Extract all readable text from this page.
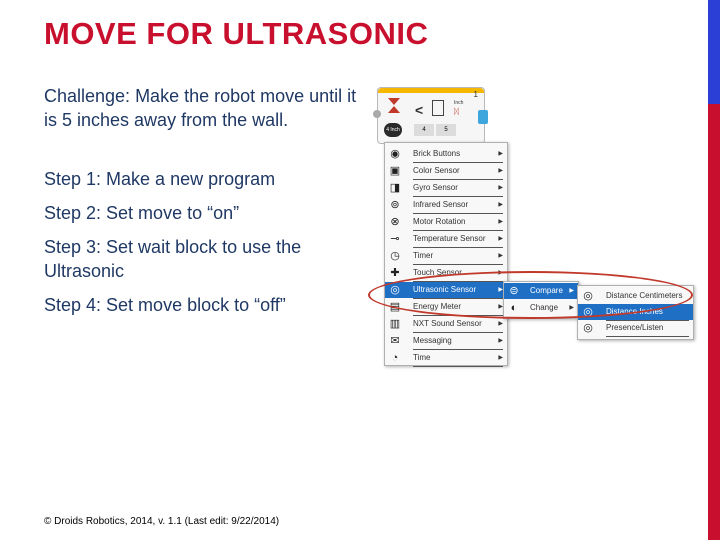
MOVE FOR ULTRASONIC
Challenge: Make the robot move until it is 5 inches away from the wall.
Step 1: Make a new program
Step 2: Set move to “on”
Step 3: Set wait block to use the Ultrasonic
Step 4: Set move block to “off”
© Droids Robotics, 2014, v. 1.1 (Last edit: 9/22/2014)
1
<	Inch
ᛞ
4 Inch	4	5
◉ Brick Buttons	▶
▣ Color Sensor	▶
◨ Gyro Sensor	▶
⊚ Infrared Sensor	▶
⊗ Motor Rotation	▶
⊸ Temperature Sensor ▶
◷ Timer	▶
✚ Touch Sensor	▶
◎ Ultrasonic Sensor	▶
▤ Energy Meter	▶
▥ NXT Sound Sensor	▶
✉ Messaging	▶
◔	Time	▶
⊜ Compare ▶
◐	Change ▶
◎ Distance Centimeters
◎ Distance Inches
◎ Presence/Listen
